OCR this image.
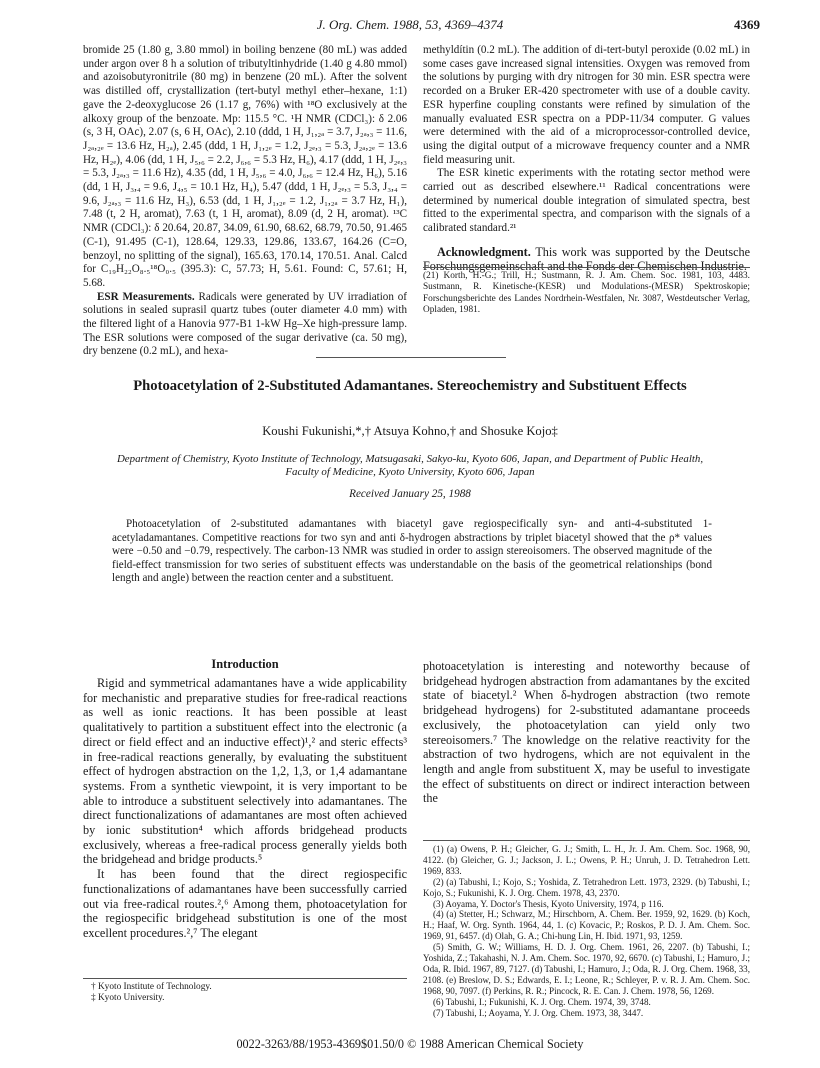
J. Org. Chem. 1988, 53, 4369–4374	4369

bromide 25 (1.80 g, 3.80 mmol) in boiling benzene (80 mL) was added under argon over 8 h a solution of tributyltinhydride (1.40 g 4.80 mmol) and azoisobutyronitrile (80 mg) in benzene (20 mL). After the solvent was distilled off, crystallization (tert-butyl methyl ether–hexane, 1:1) gave the 2-deoxyglucose 26 (1.17 g, 76%) with ¹⁸O exclusively at the alkoxy group of the benzoate. Mp: 115.5 °C. ¹H NMR (CDCl₃): δ 2.06 (s, 3 H, OAc), 2.07 (s, 6 H, OAc), 2.10 (ddd, 1 H, J₁,₂ₐ = 3.7, J₂ₐ,₃ = 11.6, J₂ₐ,₂ₑ = 13.6 Hz, H₂ₐ), 2.45 (ddd, 1 H, J₁,₂ₑ = 1.2, J₂ₑ,₃ = 5.3, J₂ₐ,₂ₑ = 13.6 Hz, H₂ₑ), 4.06 (dd, 1 H, J₅,₆ = 2.2, J₆,₆ = 5.3 Hz, H₆), 4.17 (ddd, 1 H, J₂ₑ,₃ = 5.3, J₂ₐ,₃ = 11.6 Hz), 4.35 (dd, 1 H, J₅,₆ = 4.0, J₆,₆ = 12.4 Hz, H₆), 5.16 (dd, 1 H, J₃,₄ = 9.6, J₄,₅ = 10.1 Hz, H₄), 5.47 (ddd, 1 H, J₂ₑ,₃ = 5.3, J₃,₄ = 9.6, J₂ₐ,₃ = 11.6 Hz, H₃), 6.53 (dd, 1 H, J₁,₂ₑ = 1.2, J₁,₂ₐ = 3.7 Hz, H₁), 7.48 (t, 2 H, aromat), 7.63 (t, 1 H, aromat), 8.09 (d, 2 H, aromat). ¹³C NMR (CDCl₃): δ 20.64, 20.87, 34.09, 61.90, 68.62, 68.79, 70.50, 91.465 (C-1), 91.495 (C-1), 128.64, 129.33, 129.86, 133.67, 164.26 (C=O, benzoyl, no splitting of the signal), 165.63, 170.14, 170.51. Anal. Calcd for C₁₉H₂₂O₈.₅¹⁸O₀.₅ (395.3): C, 57.73; H, 5.61. Found: C, 57.61; H, 5.68.

ESR Measurements. Radicals were generated by UV irradiation of solutions in sealed suprasil quartz tubes (outer diameter 4.0 mm) with the filtered light of a Hanovia 977-B1 1-kW Hg–Xe high-pressure lamp. The ESR solutions were composed of the sugar derivative (ca. 50 mg), dry benzene (0.2 mL), and hexa-

methyldítin (0.2 mL). The addition of di-tert-butyl peroxide (0.02 mL) in some cases gave increased signal intensities. Oxygen was removed from the solutions by purging with dry nitrogen for 30 min. ESR spectra were recorded on a Bruker ER-420 spectrometer with use of a double cavity. ESR hyperfine coupling constants were refined by simulation of the manually evaluated ESR spectra on a PDP-11/34 computer. G values were determined with the aid of a microprocessor-controlled device, using the digital output of a microwave frequency counter and a NMR field measuring unit.

The ESR kinetic experiments with the rotating sector method were carried out as described elsewhere.¹¹ Radical concentrations were determined by numerical double integration of simulated spectra, best fitted to the experimental spectra, and comparison with the signals of a calibrated standard.²¹

Acknowledgment. This work was supported by the Deutsche Forschungsgemeinschaft and the Fonds der Chemischen Industrie.

(21) Korth, H.-G.; Trill, H.; Sustmann, R. J. Am. Chem. Soc. 1981, 103, 4483. Sustmann, R. Kinetische-(KESR) und Modulations-(MESR) Spektroskopie; Forschungsberichte des Landes Nordrhein-Westfalen, Nr. 3087, Westdeutscher Verlag, Opladen, 1981.
Photoacetylation of 2-Substituted Adamantanes. Stereochemistry and Substituent Effects
Koushi Fukunishi,*,† Atsuya Kohno,† and Shosuke Kojo‡
Department of Chemistry, Kyoto Institute of Technology, Matsugasaki, Sakyo-ku, Kyoto 606, Japan, and Department of Public Health, Faculty of Medicine, Kyoto University, Kyoto 606, Japan
Received January 25, 1988
Photoacetylation of 2-substituted adamantanes with biacetyl gave regiospecifically syn- and anti-4-substituted 1-acetyladamantanes. Competitive reactions for two syn and anti δ-hydrogen abstractions by triplet biacetyl showed that the ρ* values were −0.50 and −0.79, respectively. The carbon-13 NMR was studied in order to assign stereoisomers. The observed magnitude of the field-effect transmission for two series of substituent effects was understandable on the basis of the geometrical relationships (bond length and angle) between the reaction center and a substituent.
Introduction

Rigid and symmetrical adamantanes have a wide applicability for mechanistic and preparative studies for free-radical reactions as well as ionic reactions. It has been possible at least qualitatively to partition a substituent effect into the electronic (a direct or field effect and an inductive effect)¹,² and steric effects³ in free-radical reactions generally, by evaluating the substituent effect of hydrogen abstraction on the 1,2, 1,3, or 1,4 adamantane systems. From a synthetic viewpoint, it is very important to be able to introduce a substituent selectively into adamantanes. The direct functionalizations of adamantanes are most often achieved by ionic substitution⁴ which affords bridgehead products exclusively, whereas a free-radical process generally yields both the bridgehead and bridge products.⁵

It has been found that the direct regiospecific functionalizations of adamantanes have been successfully carried out via free-radical routes.²,⁶ Among them, photoacetylation for the regiospecific bridgehead substitution is one of the most excellent procedures.²,⁷ The elegant

photoacetylation is interesting and noteworthy because of bridgehead hydrogen abstraction from adamantanes by the excited state of biacetyl.² When δ-hydrogen abstraction (two remote bridgehead hydrogens) for 2-substituted adamantane proceeds exclusively, the photoacetylation can yield only two stereoisomers.⁷ The knowledge on the relative reactivity for the abstraction of two hydrogens, which are not equivalent in the length and angle from substituent X, may be useful to investigate the effect of substituents on direct or indirect interaction between the

† Kyoto Institute of Technology.

‡ Kyoto University.

(1) (a) Owens, P. H.; Gleicher, G. J.; Smith, L. H., Jr. J. Am. Chem. Soc. 1968, 90, 4122. (b) Gleicher, G. J.; Jackson, J. L.; Owens, P. H.; Unruh, J. D. Tetrahedron Lett. 1969, 833.

(2) (a) Tabushi, I.; Kojo, S.; Yoshida, Z. Tetrahedron Lett. 1973, 2329. (b) Tabushi, I.; Kojo, S.; Fukunishi, K. J. Org. Chem. 1978, 43, 2370.

(3) Aoyama, Y. Doctor's Thesis, Kyoto University, 1974, p 116.

(4) (a) Stetter, H.; Schwarz, M.; Hirschborn, A. Chem. Ber. 1959, 92, 1629. (b) Koch, H.; Haaf, W. Org. Synth. 1964, 44, 1. (c) Kovacic, P.; Roskos, P. D. J. Am. Chem. Soc. 1969, 91, 6457. (d) Olah, G. A.; Chi-hung Lin, H. Ibid. 1971, 93, 1259.

(5) Smith, G. W.; Williams, H. D. J. Org. Chem. 1961, 26, 2207. (b) Tabushi, I.; Yoshida, Z.; Takahashi, N. J. Am. Chem. Soc. 1970, 92, 6670. (c) Tabushi, I.; Hamuro, J.; Oda, R. Ibid. 1967, 89, 7127. (d) Tabushi, I.; Hamuro, J.; Oda, R. J. Org. Chem. 1968, 33, 2108. (e) Breslow, D. S.; Edwards, E. I.; Leone, R.; Schleyer, P. v. R. J. Am. Chem. Soc. 1968, 90, 7097. (f) Perkins, R. R.; Pincock, R. E. Can. J. Chem. 1978, 56, 1269.

(6) Tabushi, I.; Fukunishi, K. J. Org. Chem. 1974, 39, 3748.

(7) Tabushi, I.; Aoyama, Y. J. Org. Chem. 1973, 38, 3447.

0022-3263/88/1953-4369$01.50/0 © 1988 American Chemical Society
